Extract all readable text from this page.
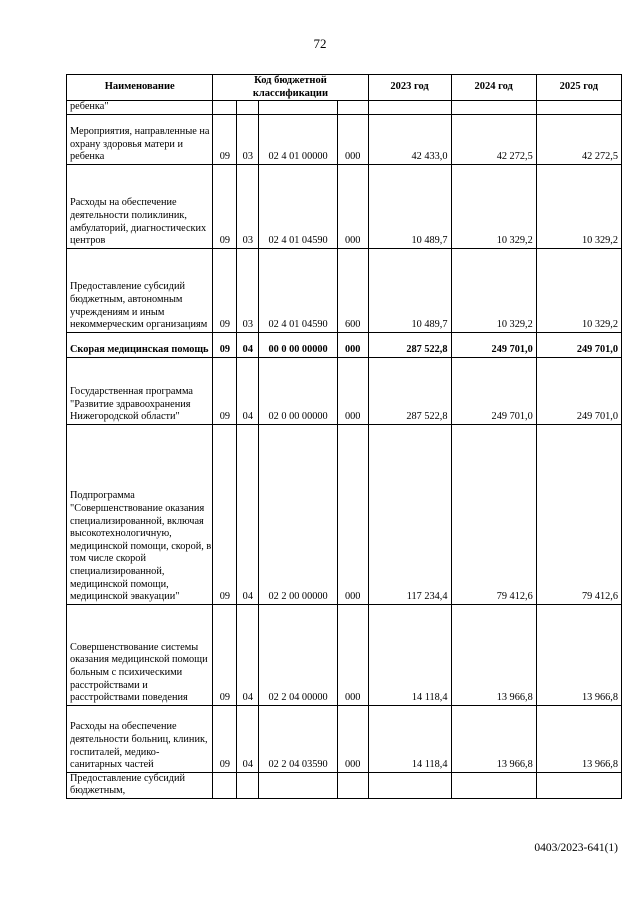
72
Наименование	Код бюджетной классификации				2023 год	2024 год	2025 год
ребенка"							
Мероприятия, направленные на охрану здоровья матери и ребенка	09	03	02 4 01 00000	000	42 433,0	42 272,5	42 272,5
Расходы на обеспечение деятельности поликлиник, амбулаторий, диагностических центров	09	03	02 4 01 04590	000	10 489,7	10 329,2	10 329,2
Предоставление субсидий бюджетным, автономным учреждениям и иным некоммерческим организациям	09	03	02 4 01 04590	600	10 489,7	10 329,2	10 329,2
Скорая медицинская помощь	09	04	00 0 00 00000	000	287 522,8	249 701,0	249 701,0
Государственная программа "Развитие здравоохранения Нижегородской области"	09	04	02 0 00 00000	000	287 522,8	249 701,0	249 701,0
Подпрограмма "Совершенствование оказания специализированной, включая высокотехнологичную, медицинской помощи, скорой, в том числе скорой специализированной, медицинской помощи, медицинской эвакуации"	09	04	02 2 00 00000	000	117 234,4	79 412,6	79 412,6
Совершенствование системы оказания медицинской помощи больным с психическими расстройствами и расстройствами поведения	09	04	02 2 04 00000	000	14 118,4	13 966,8	13 966,8
Расходы на обеспечение деятельности больниц, клиник, госпиталей, медико-санитарных частей	09	04	02 2 04 03590	000	14 118,4	13 966,8	13 966,8
Предоставление субсидий бюджетным,							
0403/2023-641(1)
